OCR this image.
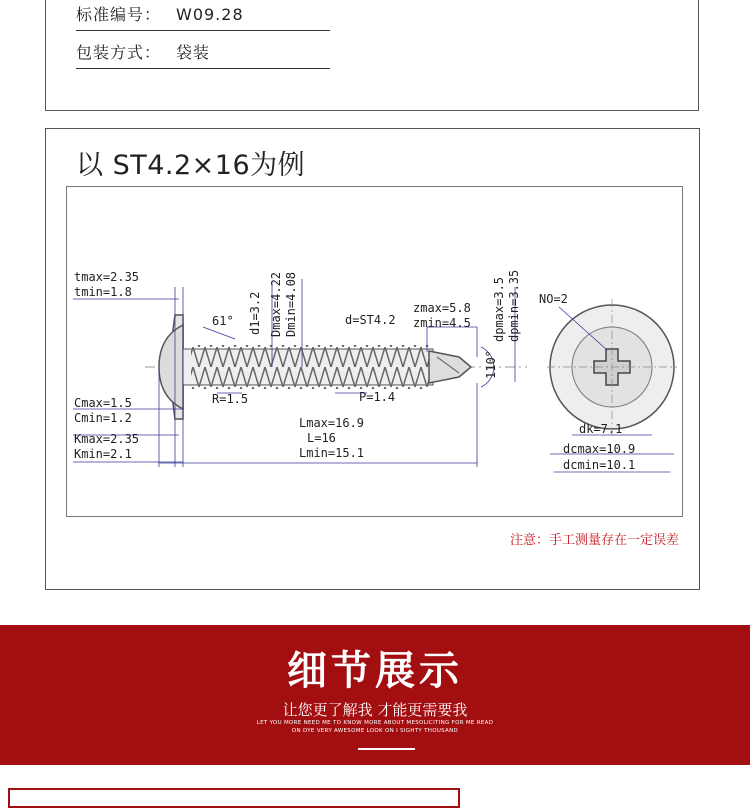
标准编号： W09.28
包装方式： 袋装
以 ST4.2×16为例
tmax=2.35
tmin=1.8
Cmax=1.5
Cmin=1.2
Kmax=2.35
Kmin=2.1
61°
R=1.5
d=ST4.2
zmax=5.8
zmin=4.5
P=1.4
Lmax=16.9
L=16
Lmin=15.1
NO=2
dk=7.1
dcmax=10.9
dcmin=10.1
d1=3.2 Dmax=4.22 Dmin=4.08	dpmax=3.5 dpmin=3.35
110°
注意：手工测量存在一定误差
细节展示
让您更了解我 才能更需要我
LET YOU MORE NEED ME TO KNOW MORE ABOUT MESOLICITING FOR ME READ
ON DYE VERY AWESOME LOOK ON I SIGHTY THOUSAND
